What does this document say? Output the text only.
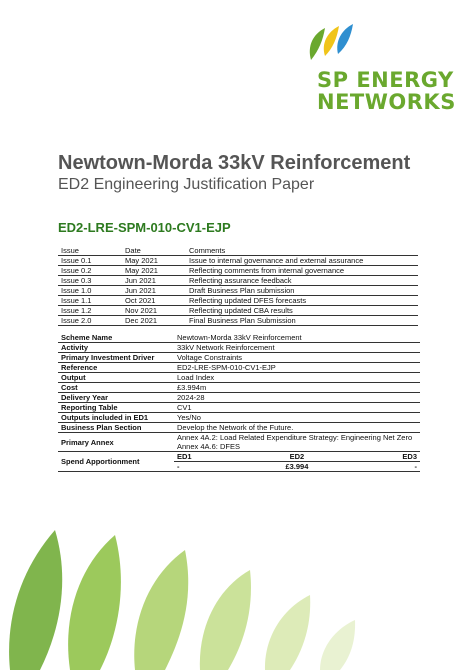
SP ENERGY
NETWORKS
Newtown-Morda 33kV Reinforcement
ED2 Engineering Justification Paper
ED2-LRE-SPM-010-CV1-EJP
Issue	Date	Comments
Issue 0.1	May 2021	Issue to internal governance and external assurance
Issue 0.2	May 2021	Reflecting comments from internal governance
Issue 0.3	Jun 2021	Reflecting assurance feedback
Issue 1.0	Jun 2021	Draft Business Plan submission
Issue 1.1	Oct 2021	Reflecting updated DFES forecasts
Issue 1.2	Nov 2021	Reflecting updated CBA results
Issue 2.0	Dec 2021	Final Business Plan Submission
Scheme Name	Newtown-Morda 33kV Reinforcement		
Activity	33kV Network Reinforcement		
Primary Investment Driver	Voltage Constraints		
Reference	ED2-LRE-SPM-010-CV1-EJP		
Output	Load Index		
Cost	£3.994m		
Delivery Year	2024-28		
Reporting Table	CV1		
Outputs included in ED1	Yes/No		
Business Plan Section	Develop the Network of the Future.		
Primary Annex	Annex 4A.2: Load Related Expenditure Strategy: Engineering Net Zero
Annex 4A.6: DFES		

Spend Apportionment	ED1	ED2	ED3
	-	£3.994	-
